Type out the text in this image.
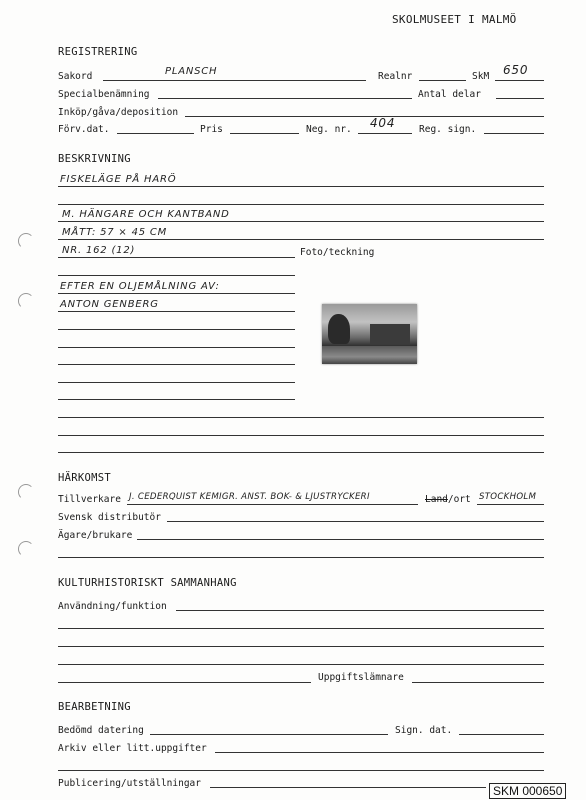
SKOLMUSEET I MALMÖ
REGISTRERING
Sakord	PLANSCH	Realnr	SkM 650
Specialbenämning	Antal delar
Inköp/gåva/deposition
Förv.dat.	Pris	Neg. nr. 404 Reg. sign.
BESKRIVNING
FISKELÄGE PÅ HARÖ
M. HÄNGARE OCH KANTBAND
MÅTT: 57 × 45 CM
NR. 162 (12)	Foto/teckning
EFTER EN OLJEMÅLNING AV:
ANTON GENBERG
HÄRKOMST
Tillverkare J. CEDERQUIST KEMIGR. ANST. BOK- & LJUSTRYCKERI	Land/ort STOCKHOLM
Svensk distributör
Ägare/brukare
KULTURHISTORISKT SAMMANHANG
Användning/funktion
Uppgiftslämnare
BEARBETNING
Bedömd datering	Sign. dat.
Arkiv eller litt.uppgifter
Publicering/utställningar
SKM 000650
